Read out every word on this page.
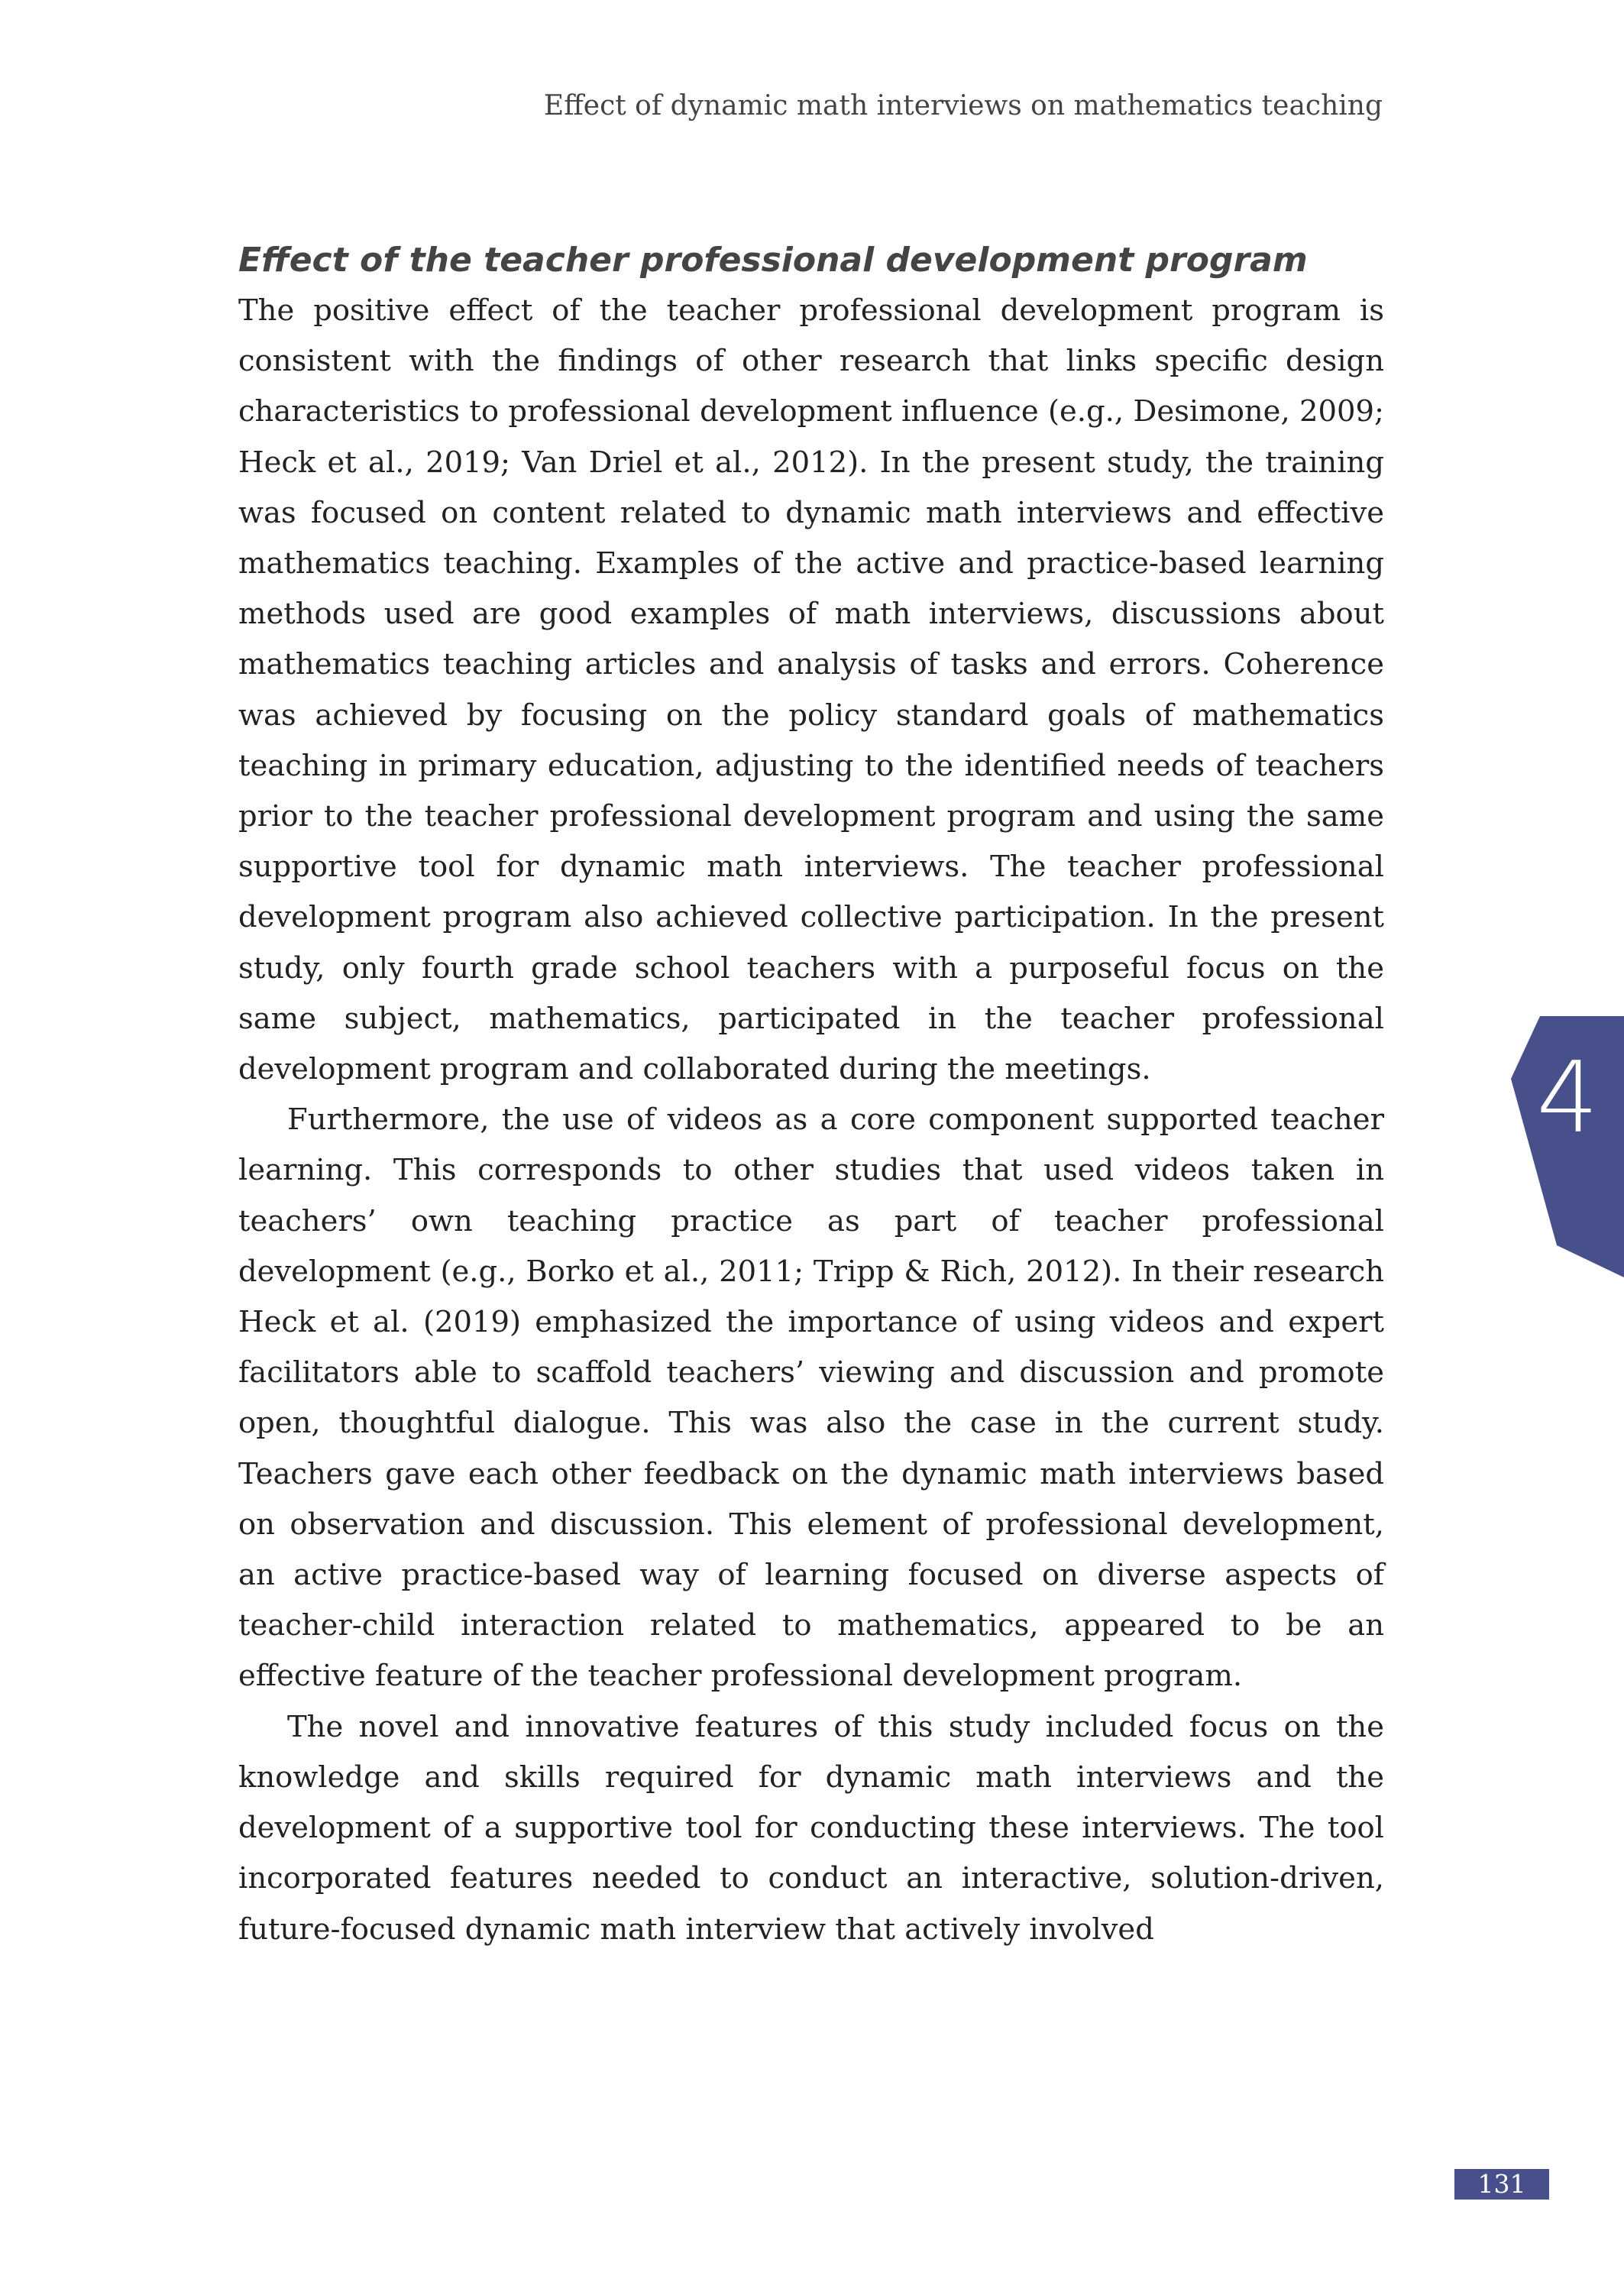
Effect of dynamic math interviews on mathematics teaching
Effect of the teacher professional development program

The positive effect of the teacher professional development program is consistent with the findings of other research that links specific design characteristics to professional development influence (e.g., Desimone, 2009; Heck et al., 2019; Van Driel et al., 2012). In the present study, the training was focused on content related to dynamic math interviews and effective mathematics teaching. Examples of the active and practice-based learning methods used are good examples of math interviews, discussions about mathematics teaching articles and analysis of tasks and errors. Coherence was achieved by focusing on the policy standard goals of mathematics teaching in primary education, adjusting to the identified needs of teachers prior to the teacher professional development program and using the same supportive tool for dynamic math interviews. The teacher professional development program also achieved collective participation. In the present study, only fourth grade school teachers with a purposeful focus on the same subject, mathematics, participated in the teacher professional development program and collaborated during the meetings.

Furthermore, the use of videos as a core component supported teacher learning. This corresponds to other studies that used videos taken in teachers’ own teaching practice as part of teacher professional development (e.g., Borko et al., 2011; Tripp & Rich, 2012). In their research Heck et al. (2019) emphasized the importance of using videos and expert facilitators able to scaffold teachers’ viewing and discussion and promote open, thoughtful dialogue. This was also the case in the current study. Teachers gave each other feedback on the dynamic math interviews based on observation and discussion. This element of professional development, an active practice-based way of learning focused on diverse aspects of teacher-child interaction related to mathematics, appeared to be an effective feature of the teacher professional development program.

The novel and innovative features of this study included focus on the knowledge and skills required for dynamic math interviews and the development of a supportive tool for conducting these interviews. The tool incorporated features needed to conduct an interactive, solution-driven, future-focused dynamic math interview that actively involved

4
131
